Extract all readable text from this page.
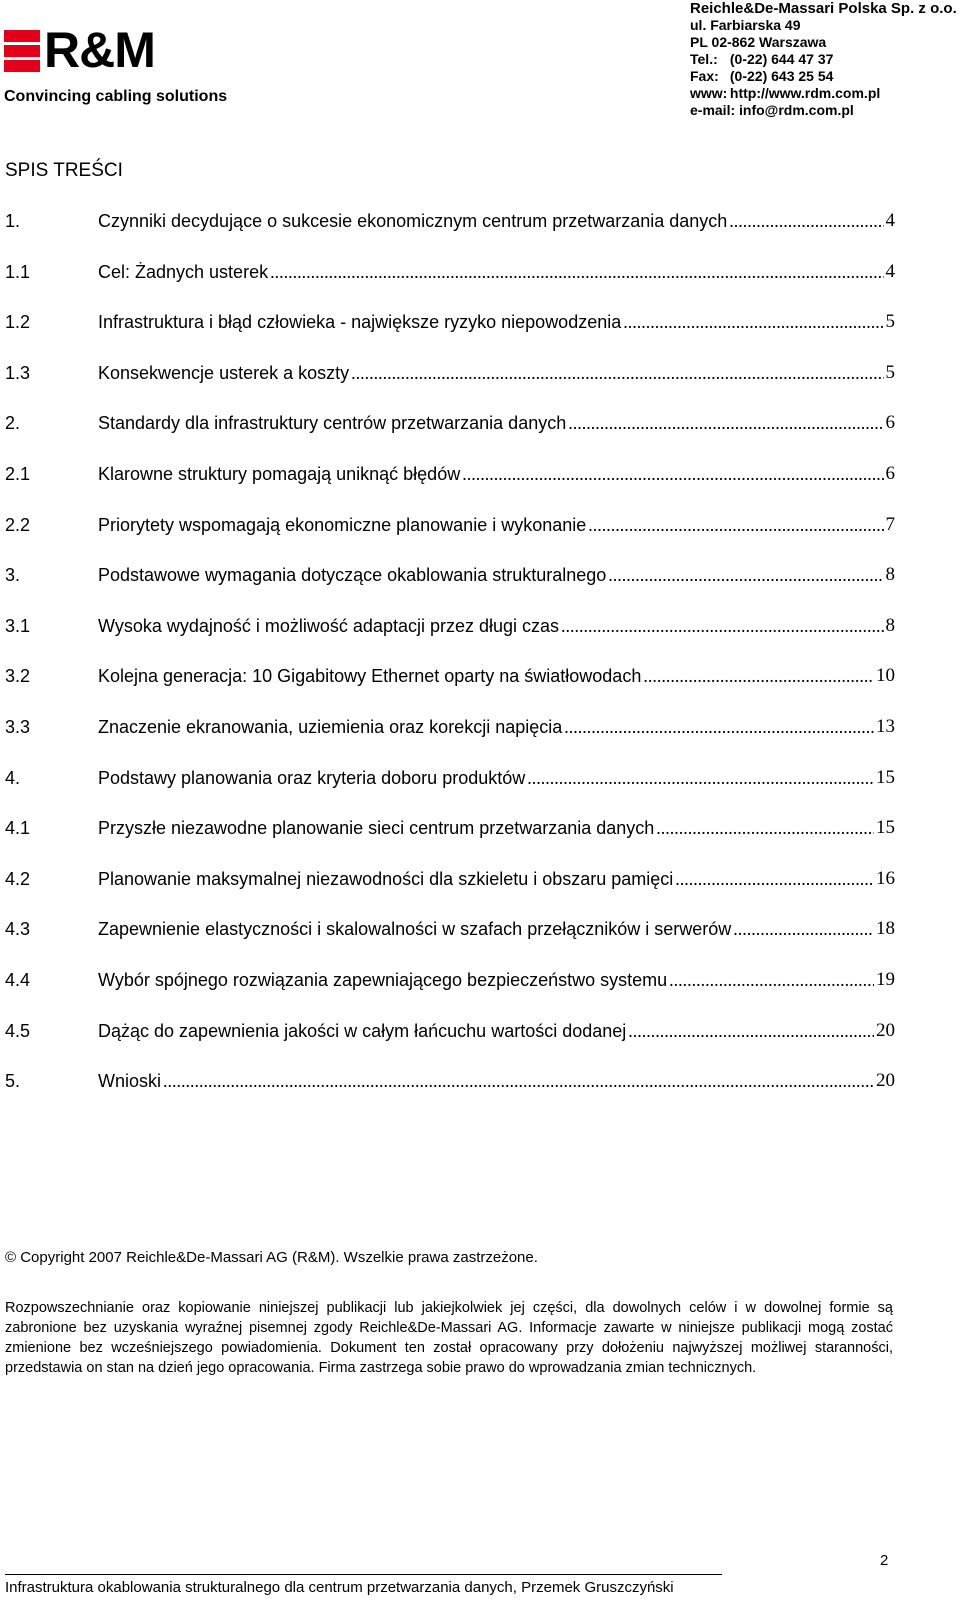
R&M
Convincing cabling solutions
Reichle&De-Massari Polska Sp. z o.o.
ul. Farbiarska 49
PL 02-862 Warszawa
Tel.: (0-22) 644 47 37
Fax: (0-22) 643 25 54
www: http://www.rdm.com.pl
e-mail: info@rdm.com.pl
SPIS TREŚCI
1.	Czynniki decydujące o sukcesie ekonomicznym centrum przetwarzania danych .....	4
1.1	Cel: Żadnych usterek .....	4
1.2	Infrastruktura i błąd człowieka - największe ryzyko niepowodzenia .....	5
1.3	Konsekwencje usterek a koszty .....	5
2.	Standardy dla infrastruktury centrów przetwarzania danych .....	6
2.1	Klarowne struktury pomagają uniknąć błędów .....	6
2.2	Priorytety wspomagają ekonomiczne planowanie i wykonanie .....	7
3.	Podstawowe wymagania dotyczące okablowania strukturalnego .....	8
3.1	Wysoka wydajność i możliwość adaptacji przez długi czas .....	8
3.2	Kolejna generacja: 10 Gigabitowy Ethernet oparty na światłowodach .....	10
3.3	Znaczenie ekranowania, uziemienia oraz korekcji napięcia .....	13
4.	Podstawy planowania oraz kryteria doboru produktów .....	15
4.1	Przyszłe niezawodne planowanie sieci centrum przetwarzania danych .....	15
4.2	Planowanie maksymalnej niezawodności dla szkieletu i obszaru pamięci .....	16
4.3	Zapewnienie elastyczności i skalowalności w szafach przełączników i serwerów .....	18
4.4	Wybór spójnego rozwiązania zapewniającego bezpieczeństwo systemu .....	19
4.5	Dążąc do zapewnienia jakości w całym łańcuchu wartości dodanej .....	20
5.	Wnioski .....	20
© Copyright 2007 Reichle&De-Massari AG (R&M). Wszelkie prawa zastrzeżone.
Rozpowszechnianie oraz kopiowanie niniejszej publikacji lub jakiejkolwiek jej części, dla dowolnych celów i w dowolnej formie są zabronione bez uzyskania wyraźnej pisemnej zgody Reichle&De-Massari AG. Informacje zawarte w niniejsze publikacji mogą zostać zmienione bez wcześniejszego powiadomienia. Dokument ten został opracowany przy dołożeniu najwyższej możliwej staranności, przedstawia on stan na dzień jego opracowania. Firma zastrzega sobie prawo do wprowadzania zmian technicznych.
2
Infrastruktura okablowania strukturalnego dla centrum przetwarzania danych, Przemek Gruszczyński
